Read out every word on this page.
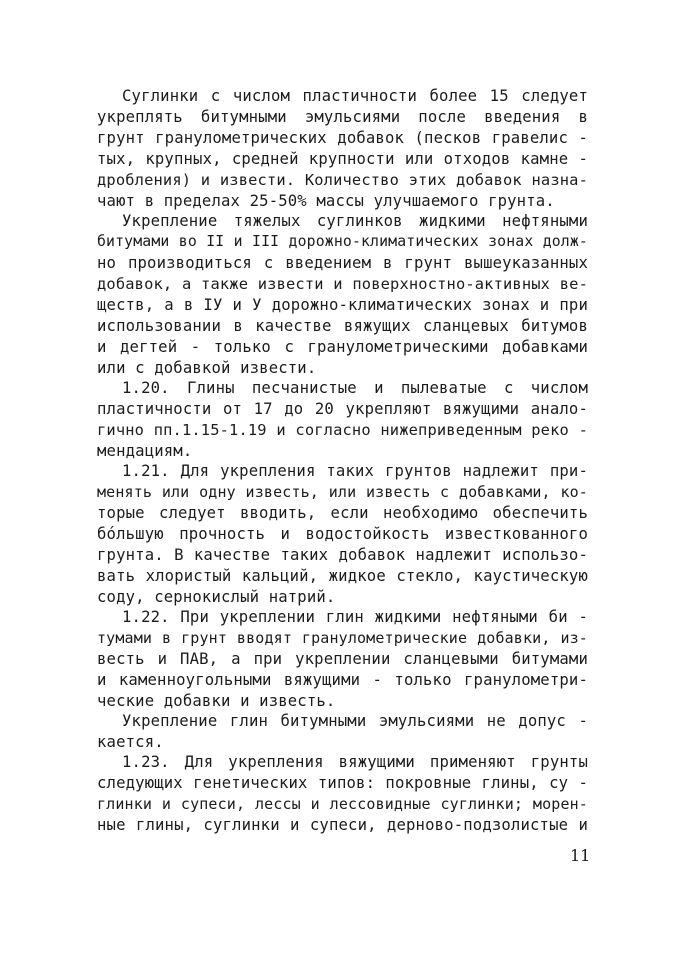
Суглинки с числом пластичности более 15 следует
укреплять битумными эмульсиями после введения в
грунт гранулометрических добавок (песков гравелис -
тых, крупных, средней крупности или отходов камне -
дробления) и извести. Количество этих добавок назна-
чают в пределах 25-50% массы улучшаемого грунта.
Укрепление тяжелых суглинков жидкими нефтяными
битумами во II и III дорожно-климатических зонах долж-
но производиться с введением в грунт вышеуказанных
добавок, а также извести и поверхностно-активных ве-
ществ, а в IУ и У дорожно-климатических зонах и при
использовании в качестве вяжущих сланцевых битумов
и дегтей - только с гранулометрическими добавками
или с добавкой извести.
1.20. Глины песчанистые и пылеватые с числом
пластичности от 17 до 20 укрепляют вяжущими анало-
гично пп.1.15-1.19 и согласно нижеприведенным реко -
мендациям.
1.21. Для укрепления таких грунтов надлежит при-
менять или одну известь, или известь с добавками, ко-
торые следует вводить, если необходимо обеспечить
бóльшую прочность и водостойкость известкованного
грунта. В качестве таких добавок надлежит использо-
вать хлористый кальций, жидкое стекло, каустическую
соду, сернокислый натрий.
1.22. При укреплении глин жидкими нефтяными би -
тумами в грунт вводят гранулометрические добавки, из-
весть и ПАВ, а при укреплении сланцевыми битумами
и каменноугольными вяжущими - только гранулометри-
ческие добавки и известь.
Укрепление глин битумными эмульсиями не допус -
кается.
1.23. Для укрепления вяжущими применяют грунты
следующих генетических типов: покровные глины, су -
глинки и супеси, лессы и лессовидные суглинки; морен-
ные глины, суглинки и супеси, дерново-подзолистые и
11
